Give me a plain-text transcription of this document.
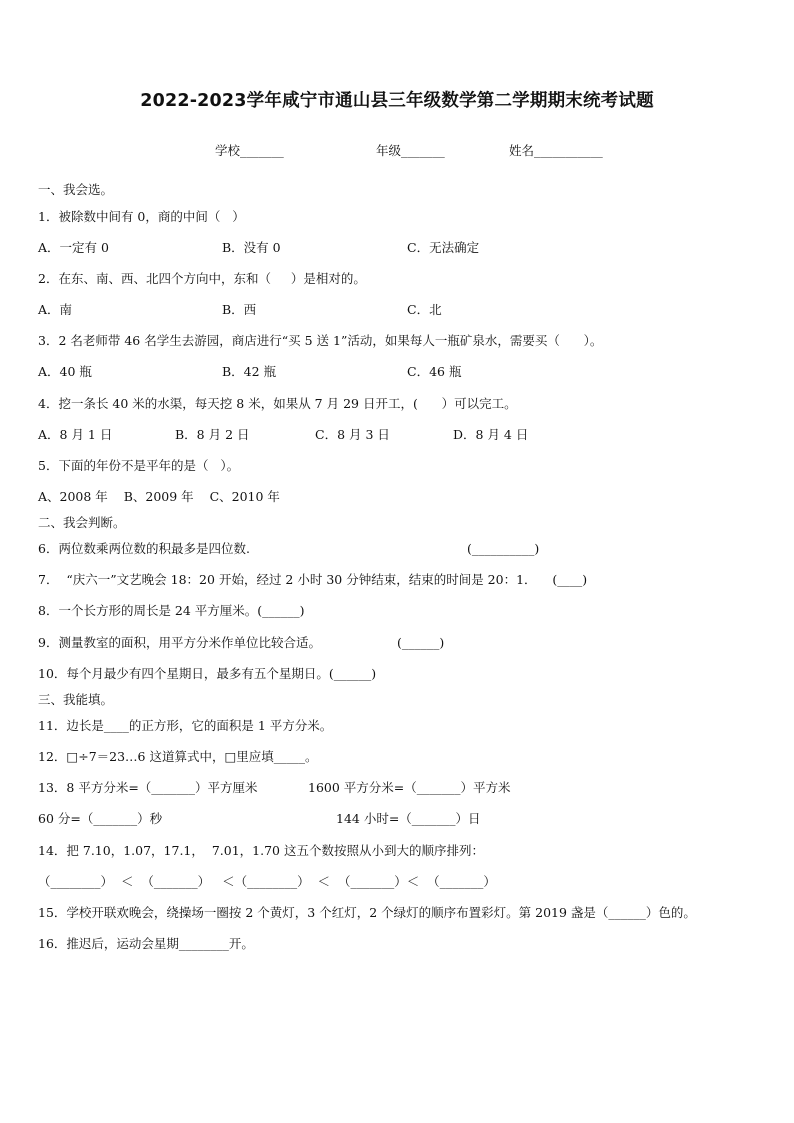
2022-2023学年咸宁市通山县三年级数学第二学期期末统考试题
学校_______	年级_______	姓名___________
一、我会选。
1．被除数中间有 0，商的中间（   ）
A．一定有 0	B．没有 0	C．无法确定
2．在东、南、西、北四个方向中，东和（     ）是相对的。
A．南	B．西	C．北
3．2 名老师带 46 名学生去游园，商店进行“买 5 送 1”活动，如果每人一瓶矿泉水，需要买（      ）。
A．40 瓶	B．42 瓶	C．46 瓶
4．挖一条长 40 米的水渠，每天挖 8 米，如果从 7 月 29 日开工，(      ）可以完工。
A．8 月 1 日	B．8 月 2 日	C．8 月 3 日	D．8 月 4 日
5．下面的年份不是平年的是（   ）。
A、2008 年    B、2009 年    C、2010 年
二、我会判断。
6．两位数乘两位数的积最多是四位数.	(__________)
7．  “庆六一”文艺晚会 18：20 开始，经过 2 小时 30 分钟结束，结束的时间是 20：1．    (____)
8．一个长方形的周长是 24 平方厘米。(______)
9．测量教室的面积，用平方分米作单位比较合适。	(______)
10．每个月最少有四个星期日，最多有五个星期日。(______)
三、我能填。
11．边长是____的正方形，它的面积是 1 平方分米。
12．□÷7＝23…6 这道算式中，□里应填_____。
13．8 平方分米=（_______）平方厘米	1600 平方分米=（_______）平方米
60 分=（_______）秒	144 小时=（_______）日
14．把 7.10，1.07，17.1，  7.01，1.70 这五个数按照从小到大的顺序排列：
（________）  ＜  （_______）   ＜（________）  ＜  （_______）＜  （_______）
15．学校开联欢晚会，绕操场一圈按 2 个黄灯，3 个红灯，2 个绿灯的顺序布置彩灯。第 2019 盏是（______）色的。
16．推迟后，运动会星期________开。
